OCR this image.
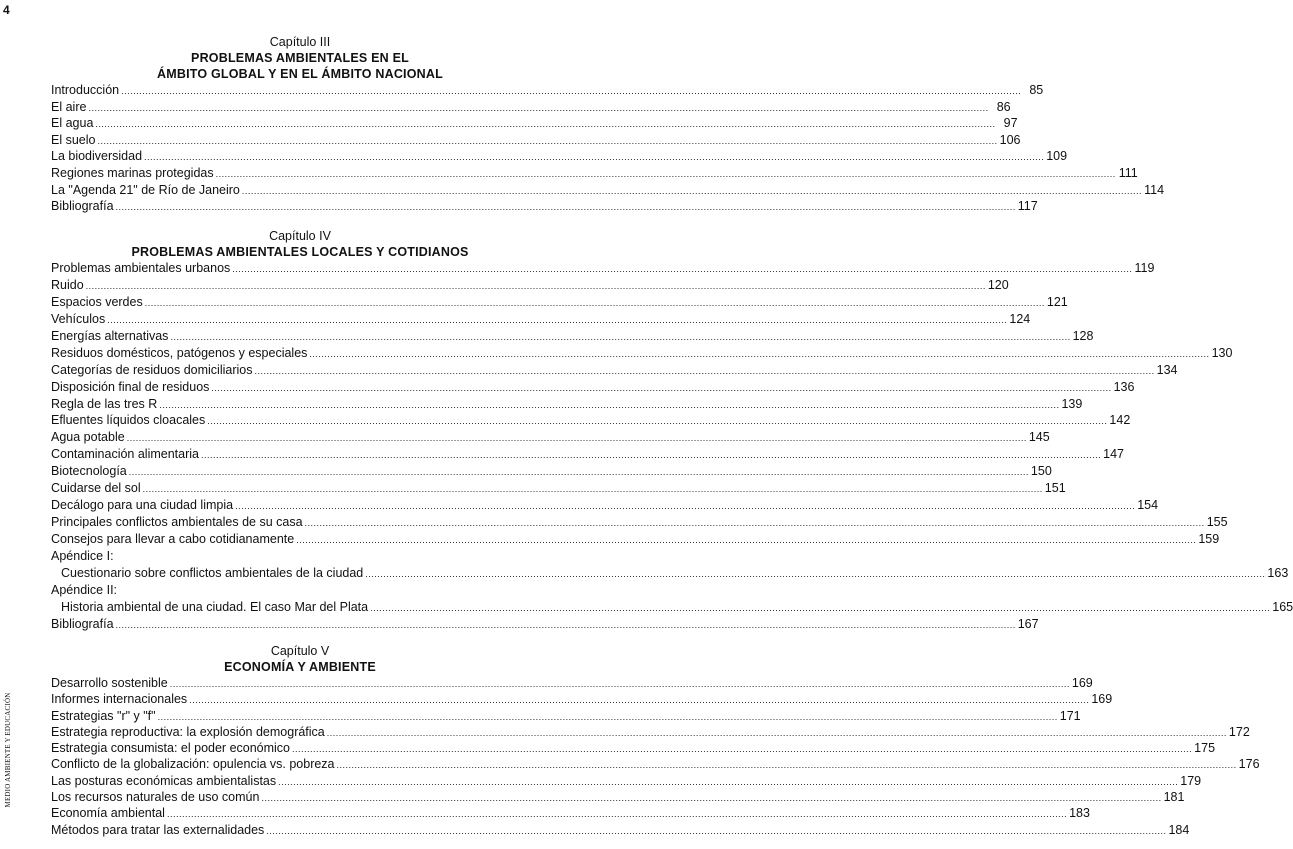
4
Capítulo III
PROBLEMAS AMBIENTALES EN EL
ÁMBITO GLOBAL Y EN EL ÁMBITO NACIONAL
Introducción ............................................................................................................................................................................................................................................................................................................ 85
El aire ............................................................................................................................................................................................................................................................................................................ 86
El agua ............................................................................................................................................................................................................................................................................................................ 97
El suelo ............................................................................................................................................................................................................................................................................................................ 106
La biodiversidad ............................................................................................................................................................................................................................................................................................................ 109
Regiones marinas protegidas ............................................................................................................................................................................................................................................................................................................ 111
La "Agenda 21" de Río de Janeiro ............................................................................................................................................................................................................................................................................................................ 114
Bibliografía ............................................................................................................................................................................................................................................................................................................ 117
Capítulo IV
PROBLEMAS AMBIENTALES LOCALES Y COTIDIANOS
Problemas ambientales urbanos ............................................................................................................................................................................................................................................................................................................ 119
Ruido ............................................................................................................................................................................................................................................................................................................ 120
Espacios verdes ............................................................................................................................................................................................................................................................................................................ 121
Vehículos ............................................................................................................................................................................................................................................................................................................ 124
Energías alternativas ............................................................................................................................................................................................................................................................................................................ 128
Residuos domésticos, patógenos y especiales ............................................................................................................................................................................................................................................................................................................ 130
Categorías de residuos domiciliarios ............................................................................................................................................................................................................................................................................................................ 134
Disposición final de residuos ............................................................................................................................................................................................................................................................................................................ 136
Regla de las tres R ............................................................................................................................................................................................................................................................................................................ 139
Efluentes líquidos cloacales ............................................................................................................................................................................................................................................................................................................ 142
Agua potable ............................................................................................................................................................................................................................................................................................................ 145
Contaminación alimentaria ............................................................................................................................................................................................................................................................................................................ 147
Biotecnología ............................................................................................................................................................................................................................................................................................................ 150
Cuidarse del sol ............................................................................................................................................................................................................................................................................................................ 151
Decálogo para una ciudad limpia ............................................................................................................................................................................................................................................................................................................ 154
Principales conflictos ambientales de su casa ............................................................................................................................................................................................................................................................................................................ 155
Consejos para llevar a cabo cotidianamente ............................................................................................................................................................................................................................................................................................................ 159
Apéndice I:
Cuestionario sobre conflictos ambientales de la ciudad ............................................................................................................................................................................................................................................................................................................ 163
Apéndice II:
Historia ambiental de una ciudad. El caso Mar del Plata ............................................................................................................................................................................................................................................................................................................ 165
Bibliografía ............................................................................................................................................................................................................................................................................................................ 167
Capítulo V
ECONOMÍA Y AMBIENTE
Desarrollo sostenible ............................................................................................................................................................................................................................................................................................................ 169
Informes internacionales ............................................................................................................................................................................................................................................................................................................ 169
Estrategias "r" y "f" ............................................................................................................................................................................................................................................................................................................ 171
Estrategia reproductiva: la explosión demográfica ............................................................................................................................................................................................................................................................................................................ 172
Estrategia consumista: el poder económico ............................................................................................................................................................................................................................................................................................................ 175
Conflicto de la globalización: opulencia vs. pobreza ............................................................................................................................................................................................................................................................................................................ 176
Las posturas económicas ambientalistas ............................................................................................................................................................................................................................................................................................................ 179
Los recursos naturales de uso común ............................................................................................................................................................................................................................................................................................................ 181
Economía ambiental ............................................................................................................................................................................................................................................................................................................ 183
Métodos para tratar las externalidades ............................................................................................................................................................................................................................................................................................................ 184
MEDIO AMBIENTE Y EDUCACIÓN
